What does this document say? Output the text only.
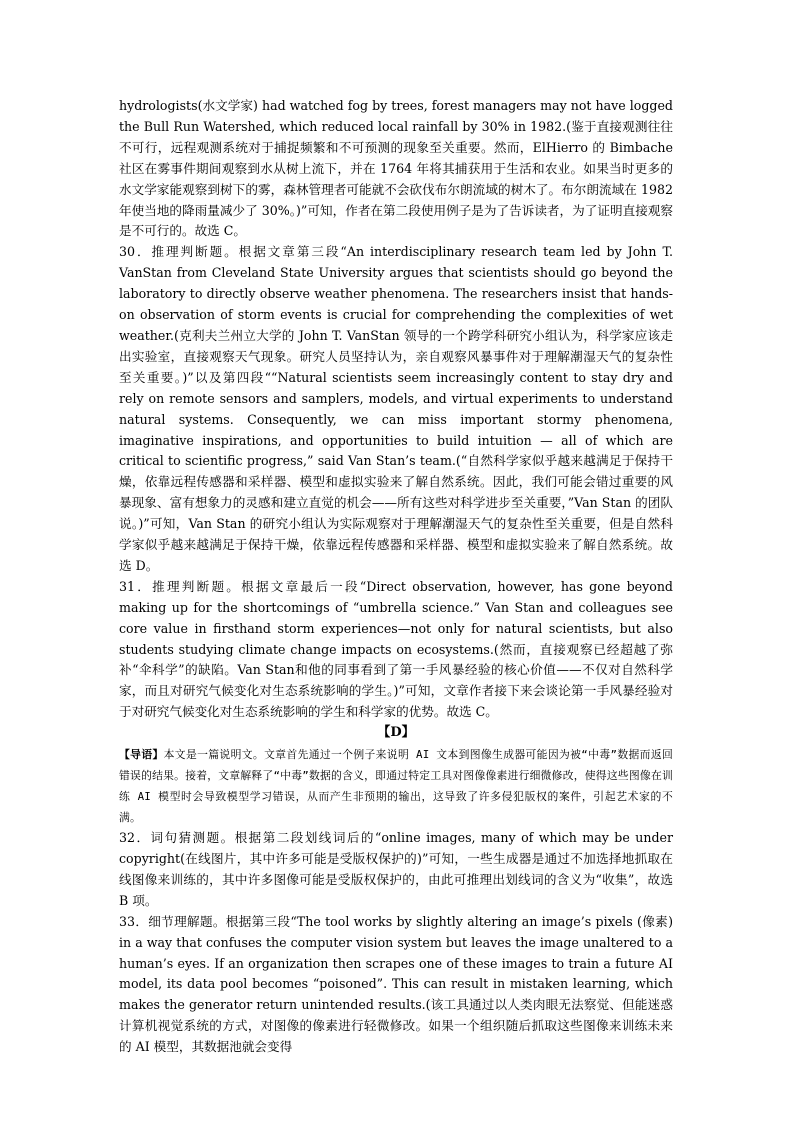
hydrologists(水文学家) had watched fog by trees, forest managers may not have logged the Bull Run Watershed, which reduced local rainfall by 30% in 1982.(鉴于直接观测往往不可行，远程观测系统对于捕捉频繁和不可预测的现象至关重要。然而，ElHierro 的 Bimbache 社区在雾事件期间观察到水从树上流下，并在 1764 年将其捕获用于生活和农业。如果当时更多的水文学家能观察到树下的雾，森林管理者可能就不会砍伐布尔朗流域的树木了。布尔朗流域在 1982 年使当地的降雨量减少了 30%。)”可知，作者在第二段使用例子是为了告诉读者，为了证明直接观察是不可行的。故选 C。

30．推理判断题。根据文章第三段“An interdisciplinary research team led by John T. VanStan from Cleveland State University argues that scientists should go beyond the laboratory to directly observe weather phenomena. The researchers insist that hands-on observation of storm events is crucial for comprehending the complexities of wet weather.(克利夫兰州立大学的 John T. VanStan 领导的一个跨学科研究小组认为，科学家应该走出实验室，直接观察天气现象。研究人员坚持认为，亲自观察风暴事件对于理解潮湿天气的复杂性至关重要。)”以及第四段““Natural scientists seem increasingly content to stay dry and rely on remote sensors and samplers, models, and virtual experiments to understand natural systems. Consequently, we can miss important stormy phenomena, imaginative inspirations, and opportunities to build intuition — all of which are critical to scientific progress,” said Van Stan’s team.(“自然科学家似乎越来越满足于保持干燥，依靠远程传感器和采样器、模型和虚拟实验来了解自然系统。因此，我们可能会错过重要的风暴现象、富有想象力的灵感和建立直觉的机会——所有这些对科学进步至关重要，”Van Stan 的团队说。)”可知，Van Stan 的研究小组认为实际观察对于理解潮湿天气的复杂性至关重要，但是自然科学家似乎越来越满足于保持干燥，依靠远程传感器和采样器、模型和虚拟实验来了解自然系统。故选 D。

31．推理判断题。根据文章最后一段“Direct observation, however, has gone beyond making up for the shortcomings of “umbrella science.” Van Stan and colleagues see core value in firsthand storm experiences—not only for natural scientists, but also students studying climate change impacts on ecosystems.(然而，直接观察已经超越了弥补“伞科学”的缺陷。Van Stan和他的同事看到了第一手风暴经验的核心价值——不仅对自然科学家，而且对研究气候变化对生态系统影响的学生。)”可知，文章作者接下来会谈论第一手风暴经验对于对研究气候变化对生态系统影响的学生和科学家的优势。故选 C。

【D】

【导语】本文是一篇说明文。文章首先通过一个例子来说明 AI 文本到图像生成器可能因为被“中毒”数据而返回错误的结果。接着，文章解释了“中毒”数据的含义，即通过特定工具对图像像素进行细微修改，使得这些图像在训练 AI 模型时会导致模型学习错误，从而产生非预期的输出，这导致了许多侵犯版权的案件，引起艺术家的不满。

32．词句猜测题。根据第二段划线词后的“online images, many of which may be under copyright(在线图片，其中许多可能是受版权保护的)”可知，一些生成器是通过不加选择地抓取在线图像来训练的，其中许多图像可能是受版权保护的，由此可推理出划线词的含义为“收集”，故选 B 项。

33．细节理解题。根据第三段“The tool works by slightly altering an image’s pixels (像素) in a way that confuses the computer vision system but leaves the image unaltered to a human’s eyes. If an organization then scrapes one of these images to train a future AI model, its data pool becomes “poisoned”. This can result in mistaken learning, which makes the generator return unintended results.(该工具通过以人类肉眼无法察觉、但能迷惑计算机视觉系统的方式，对图像的像素进行轻微修改。如果一个组织随后抓取这些图像来训练未来的 AI 模型，其数据池就会变得
